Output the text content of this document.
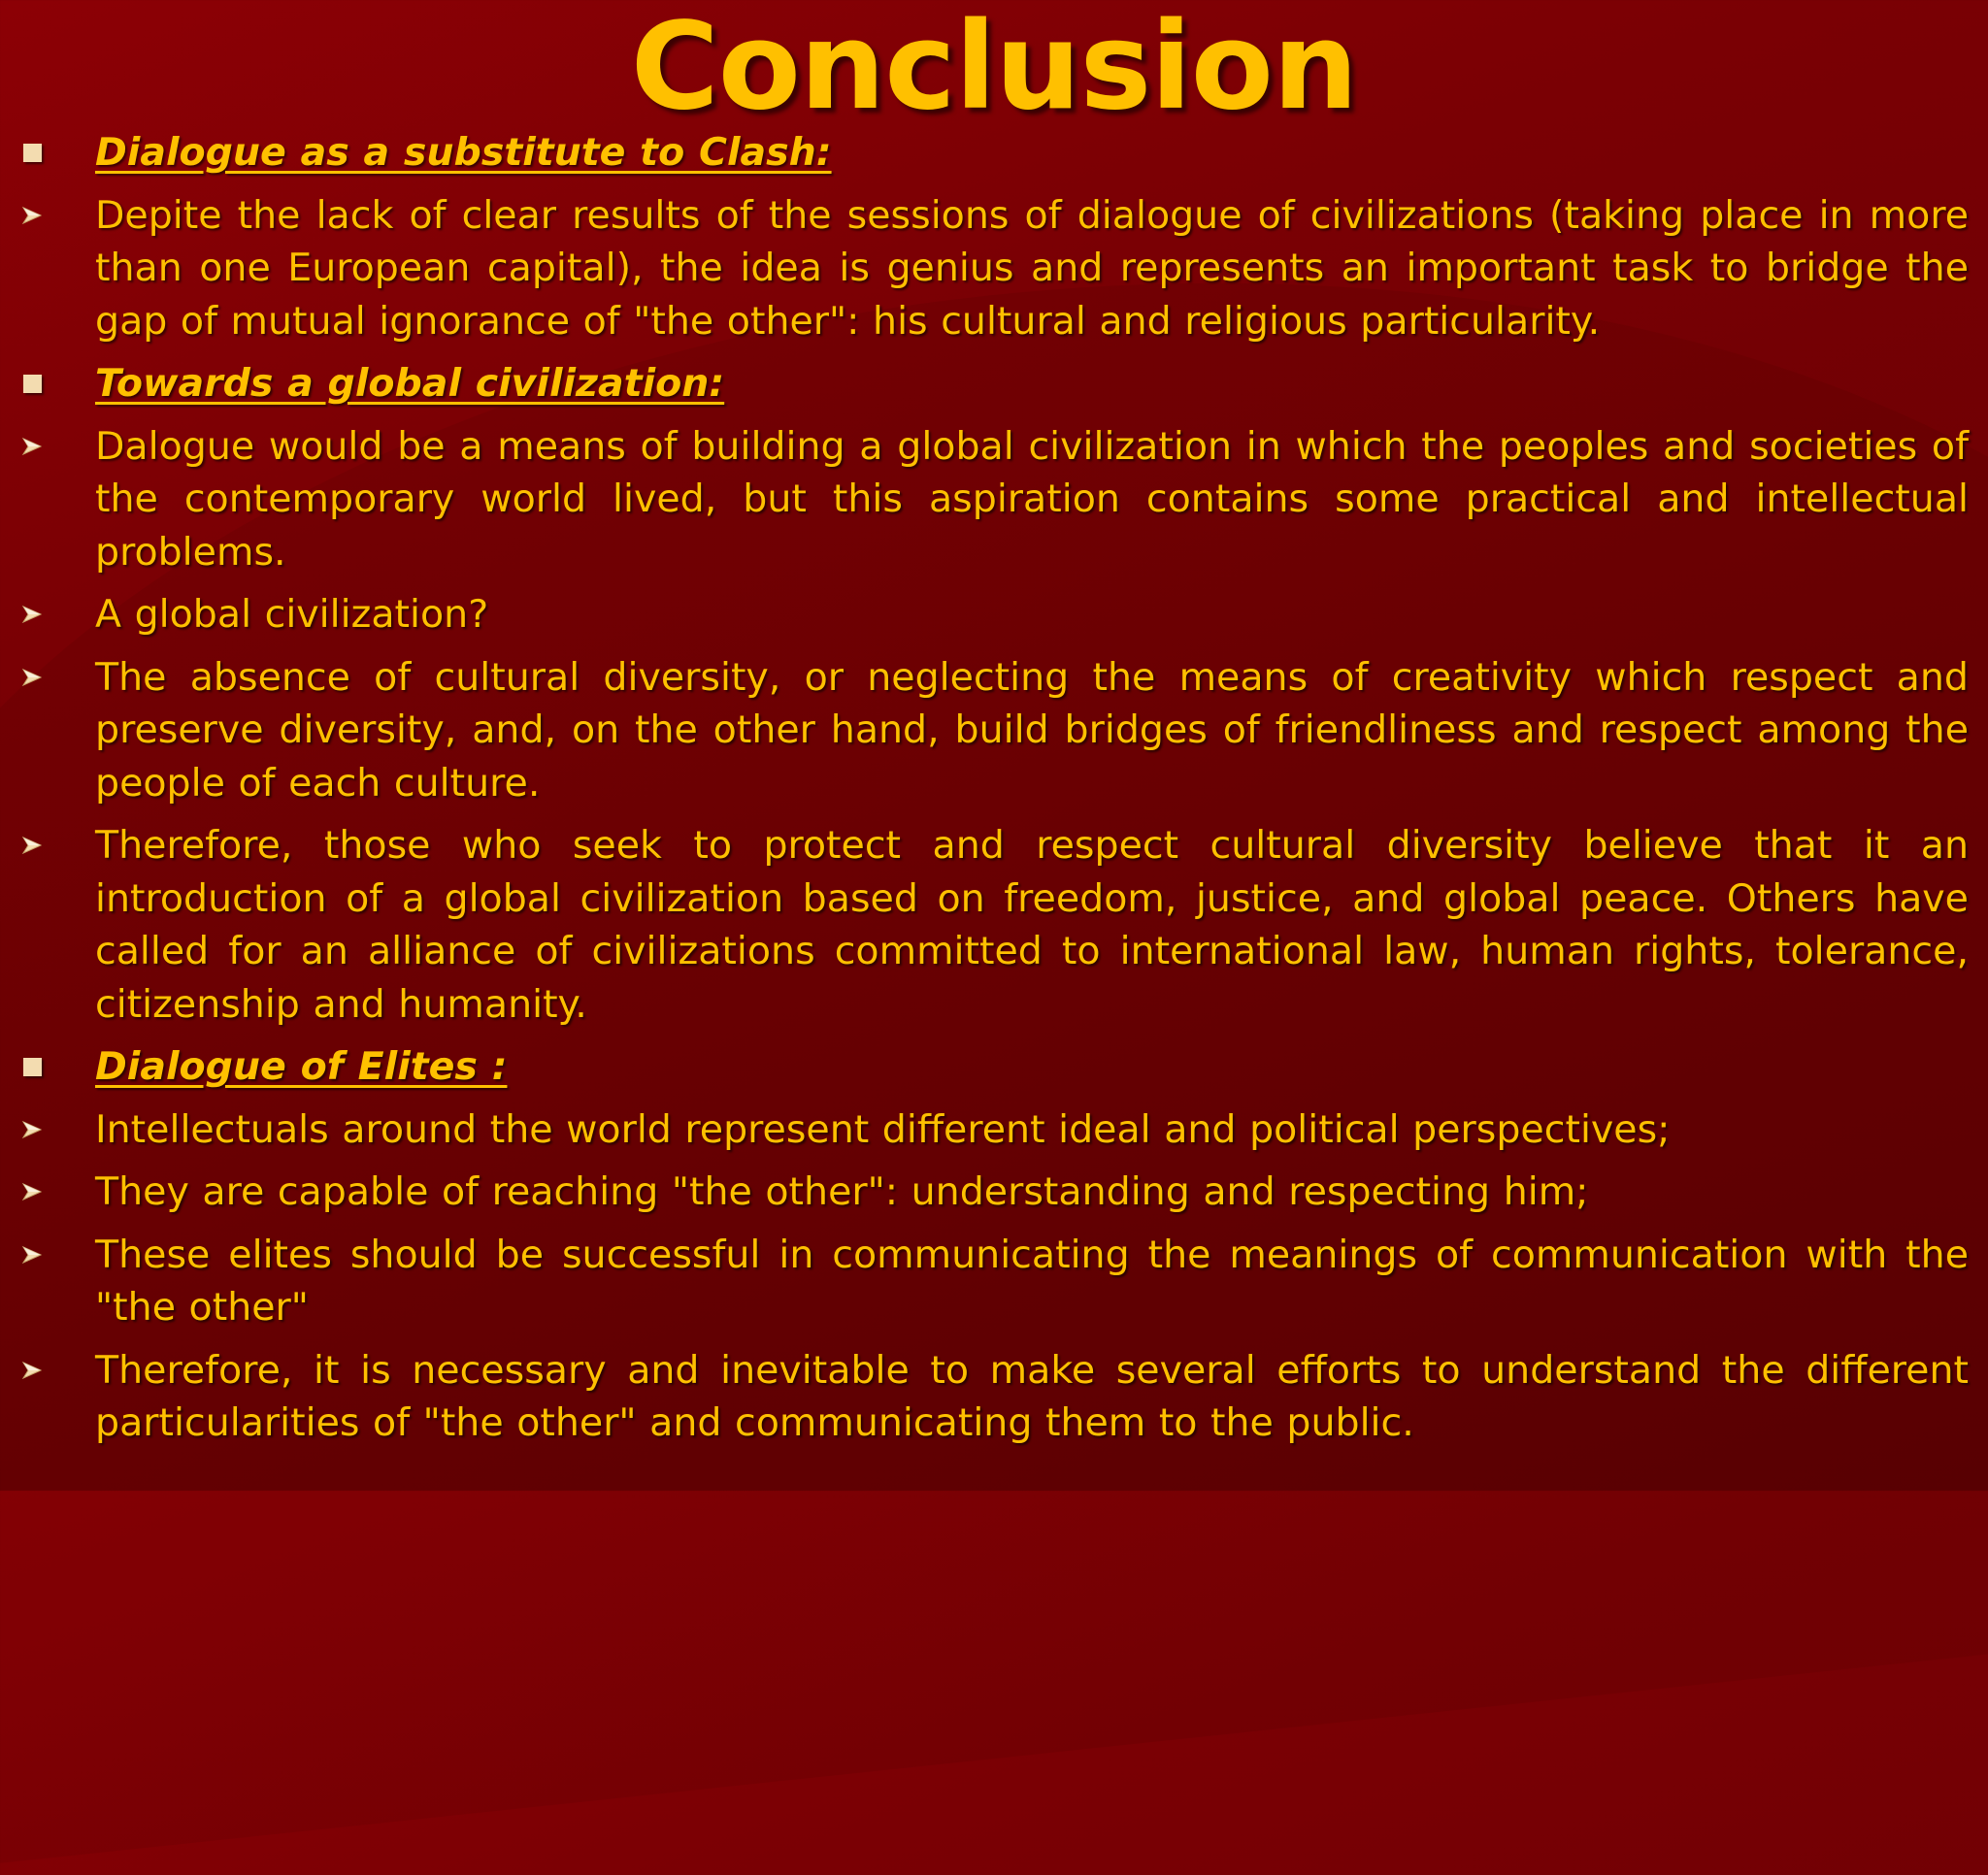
Conclusion
Dialogue as a substitute to Clash:
Depite the lack of clear results of the sessions of dialogue of civilizations (taking place in more than one European capital), the idea is genius and represents an important task to bridge the gap of mutual ignorance of "the other": his cultural and religious particularity.
Towards a global civilization:
Dalogue would be a means of building a global civilization in which the peoples and societies of the contemporary world lived, but this aspiration contains some practical and intellectual problems.
A global civilization?
The absence of cultural diversity, or neglecting the means of creativity which respect and preserve diversity, and, on the other hand, build bridges of friendliness and respect among the people of each culture.
Therefore, those who seek to protect and respect cultural diversity believe that it an introduction of a global civilization based on freedom, justice, and global peace. Others have called for an alliance of civilizations committed to international law, human rights, tolerance, citizenship and humanity.
Dialogue of Elites :
Intellectuals around the world represent different ideal and political perspectives;
They are capable of reaching "the other": understanding and respecting him;
These elites should be successful in communicating the meanings of communication with the "the other"
Therefore, it is necessary and inevitable to make several efforts to understand the different particularities of "the other" and communicating them to the public.
